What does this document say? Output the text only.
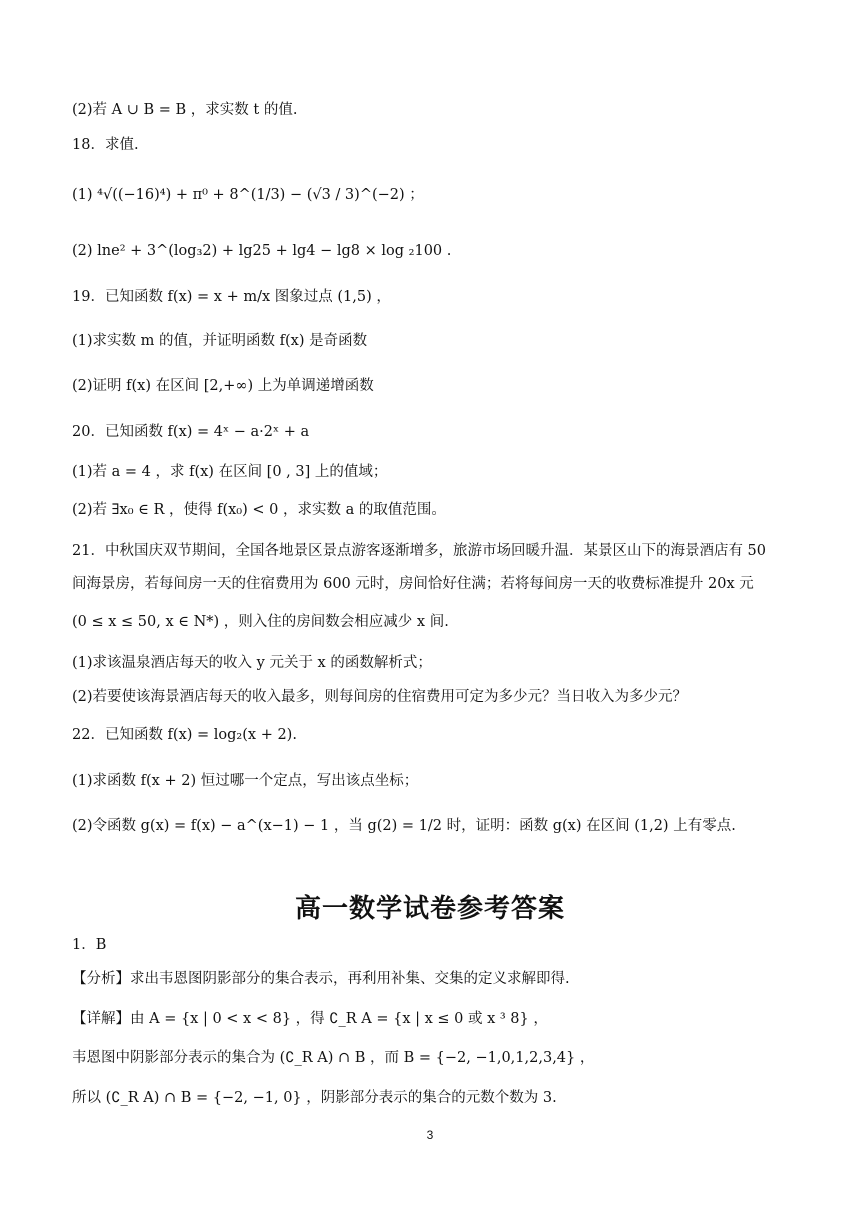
(2)若 A ∪ B = B ，求实数 t 的值.
18．求值.
(1) ⁴√((−16)⁴) + π⁰ + 8^(1/3) − (√3 / 3)^(−2) ；
(2) lne² + 3^(log₃2) + lg25 + lg4 − lg8 × log ₂100 .
19．已知函数 f(x) = x + m/x 图象过点 (1,5) ，
(1)求实数 m 的值，并证明函数 f(x) 是奇函数
(2)证明 f(x) 在区间 [2,+∞) 上为单调递增函数
20．已知函数 f(x) = 4ˣ − a·2ˣ + a
(1)若 a = 4 ，求 f(x) 在区间 [0 , 3] 上的值域；
(2)若 ∃x₀ ∈ R ，使得 f(x₀) < 0 ，求实数 a 的取值范围。
21．中秋国庆双节期间，全国各地景区景点游客逐渐增多，旅游市场回暖升温．某景区山下的海景酒店有 50
间海景房，若每间房一天的住宿费用为 600 元时，房间恰好住满；若将每间房一天的收费标准提升 20x 元
(0 ≤ x ≤ 50, x ∈ N*) ，则入住的房间数会相应减少 x 间.
(1)求该温泉酒店每天的收入 y 元关于 x 的函数解析式；
(2)若要使该海景酒店每天的收入最多，则每间房的住宿费用可定为多少元？当日收入为多少元？
22．已知函数 f(x) = log₂(x + 2).
(1)求函数 f(x + 2) 恒过哪一个定点，写出该点坐标；
(2)令函数 g(x) = f(x) − a^(x−1) − 1 ，当 g(2) = 1/2 时，证明：函数 g(x) 在区间 (1,2) 上有零点.
高一数学试卷参考答案
1．B
【分析】求出韦恩图阴影部分的集合表示，再利用补集、交集的定义求解即得.
【详解】由 A = {x | 0 < x < 8} ，得 ∁_R A = {x | x ≤ 0 或 x ³ 8} ，
韦恩图中阴影部分表示的集合为 (∁_R A) ∩ B ，而 B = {−2, −1,0,1,2,3,4} ，
所以 (∁_R A) ∩ B = {−2, −1, 0} ，阴影部分表示的集合的元数个数为 3.
3
